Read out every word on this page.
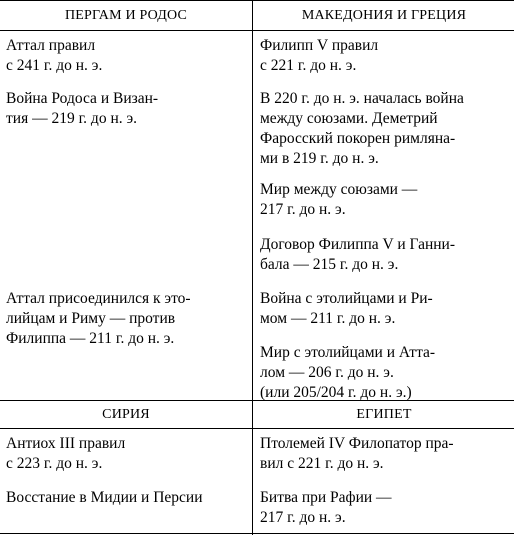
ПЕРГАМ И РОДОС	МАКЕДОНИЯ И ГРЕЦИЯ
СИРИЯ	ЕГИПЕТ

Аттал правил
с 241 г. до н. э.

Война Родоса и Визан-
тия — 219 г. до н. э.

Аттал присоединился к это-
лийцам и Риму — против
Филиппа — 211 г. до н. э.

Филипп V правил
с 221 г. до н. э.

В 220 г. до н. э. началась война
между союзами. Деметрий
Фаросский покорен римляна-
ми в 219 г. до н. э.

Мир между союзами —
217 г. до н. э.

Договор Филиппа V и Ганни-
бала — 215 г. до н. э.

Война с этолийцами и Ри-
мом — 211 г. до н. э.

Мир с этолийцами и Атта-
лом — 206 г. до н. э.
(или 205/204 г. до н. э.)

Антиох III правил
с 223 г. до н. э.

Восстание в Мидии и Персии

Птолемей IV Филопатор пра-
вил с 221 г. до н. э.

Битва при Рафии —
217 г. до н. э.
